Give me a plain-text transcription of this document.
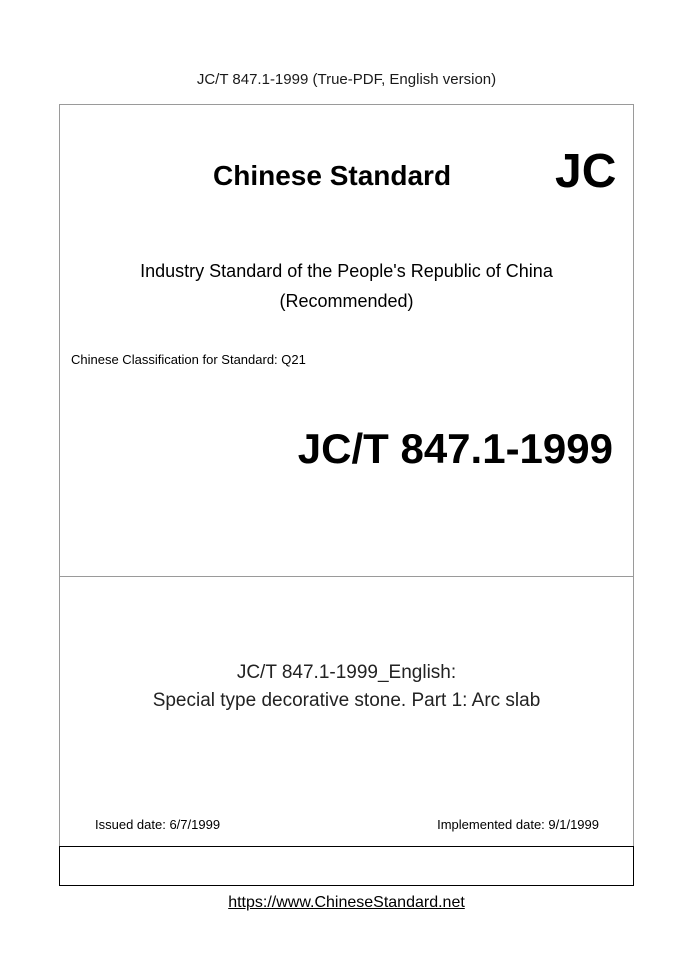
JC/T 847.1-1999 (True-PDF, English version)
Chinese Standard JC
Industry Standard of the People's Republic of China
(Recommended)
Chinese Classification for Standard: Q21
JC/T 847.1-1999
JC/T 847.1-1999_English:
Special type decorative stone. Part 1: Arc slab
Issued date: 6/7/1999	Implemented date: 9/1/1999
https://www.ChineseStandard.net
